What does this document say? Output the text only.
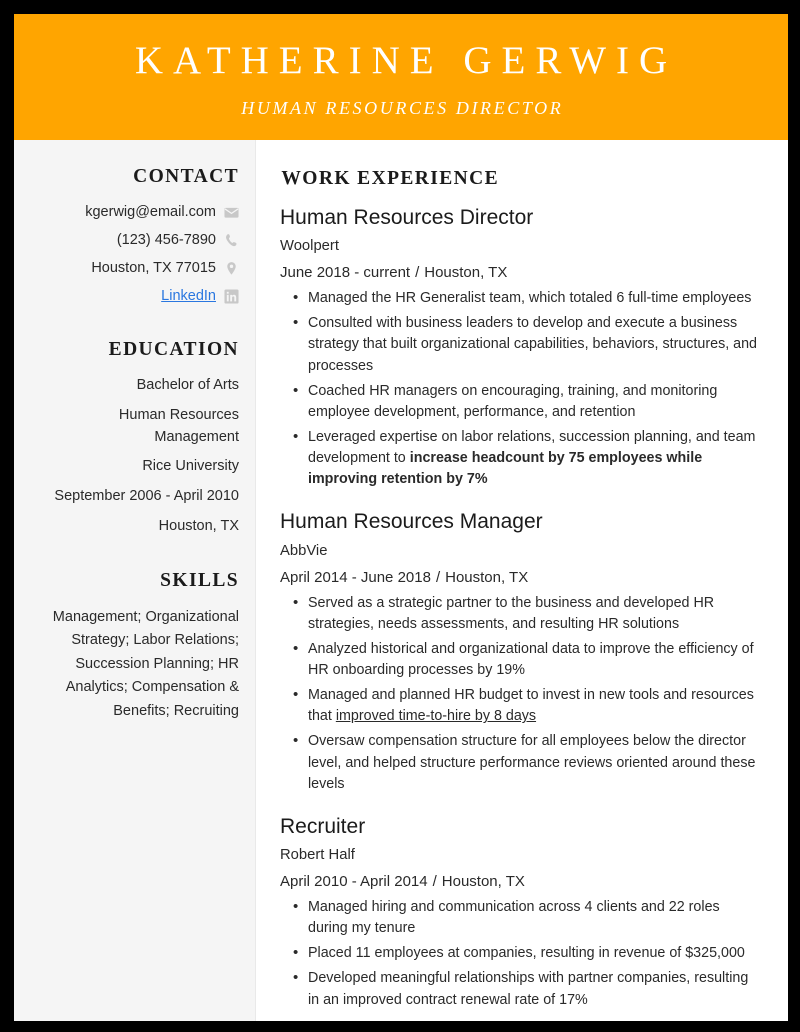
KATHERINE GERWIG
HUMAN RESOURCES DIRECTOR
CONTACT
kgerwig@email.com
(123) 456-7890
Houston, TX 77015
LinkedIn
EDUCATION
Bachelor of Arts
Human Resources
Management
Rice University
September 2006 - April 2010
Houston, TX
SKILLS
Management; Organizational Strategy; Labor Relations; Succession Planning; HR Analytics; Compensation & Benefits; Recruiting
WORK EXPERIENCE
Human Resources Director
Woolpert
June 2018 - current / Houston, TX
• Managed the HR Generalist team, which totaled 6 full-time employees
• Consulted with business leaders to develop and execute a business strategy that built organizational capabilities, behaviors, structures, and processes
• Coached HR managers on encouraging, training, and monitoring employee development, performance, and retention
• Leveraged expertise on labor relations, succession planning, and team development to increase headcount by 75 employees while improving retention by 7%
Human Resources Manager
AbbVie
April 2014 - June 2018 / Houston, TX
• Served as a strategic partner to the business and developed HR strategies, needs assessments, and resulting HR solutions
• Analyzed historical and organizational data to improve the efficiency of HR onboarding processes by 19%
• Managed and planned HR budget to invest in new tools and resources that improved time-to-hire by 8 days
• Oversaw compensation structure for all employees below the director level, and helped structure performance reviews oriented around these levels
Recruiter
Robert Half
April 2010 - April 2014 / Houston, TX
• Managed hiring and communication across 4 clients and 22 roles during my tenure
• Placed 11 employees at companies, resulting in revenue of $325,000
• Developed meaningful relationships with partner companies, resulting in an improved contract renewal rate of 17%
